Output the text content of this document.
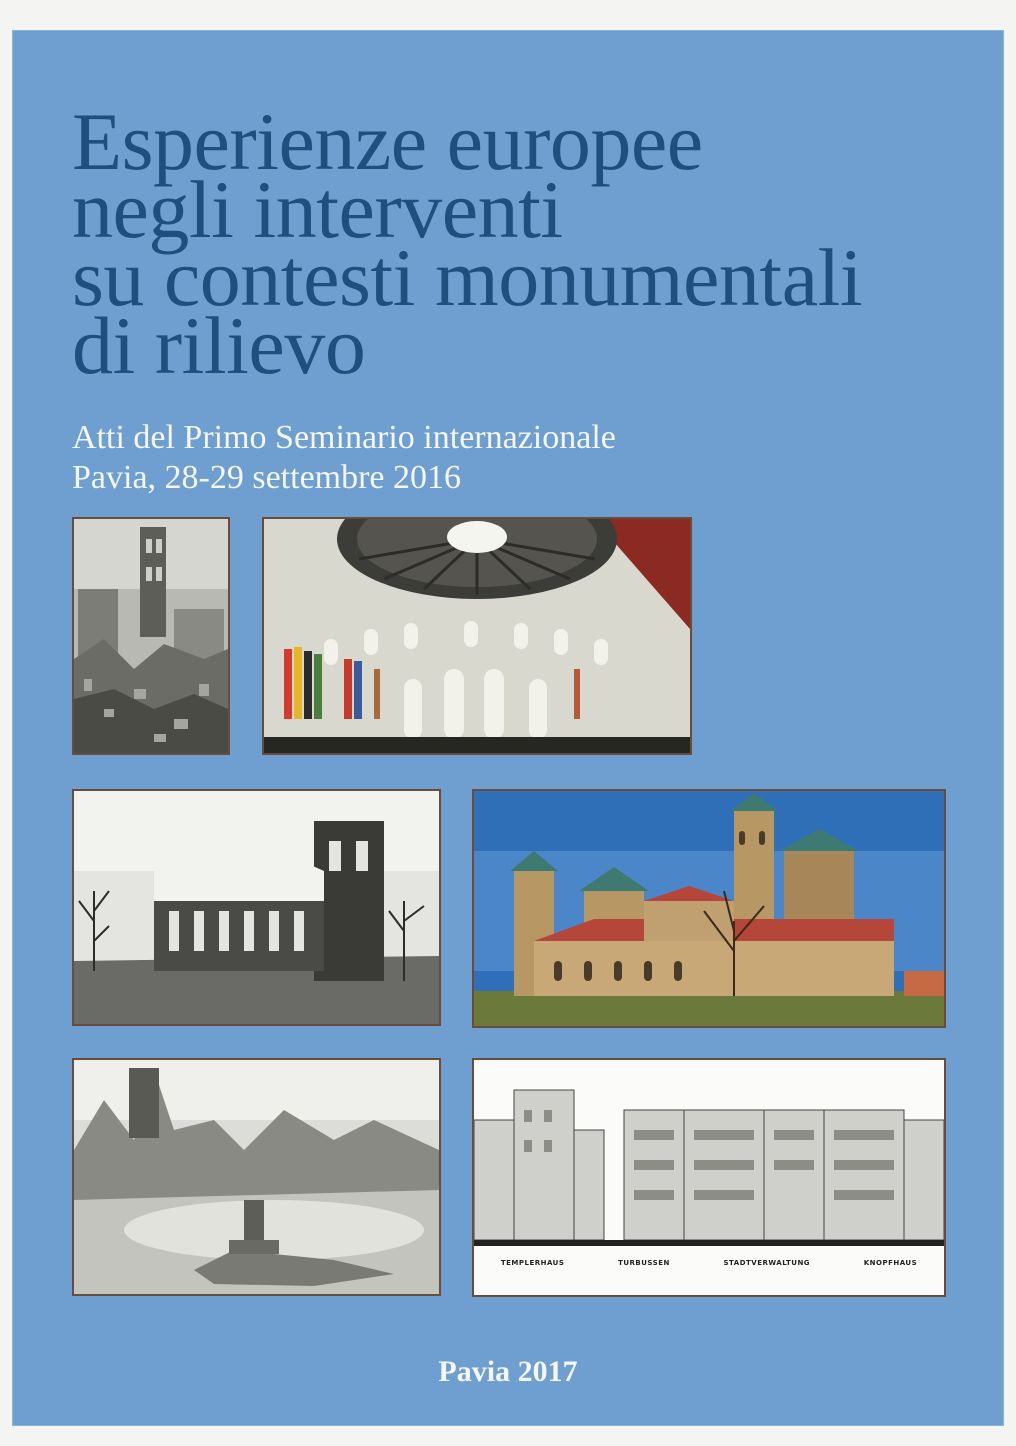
Esperienze europee
negli interventi
su contesti monumentali
di rilievo
Atti del Primo Seminario internazionale
Pavia, 28-29 settembre 2016
TEMPLERHAUS	TURBUSSEN	STADTVERWALTUNG	KNOPFHAUS
Pavia 2017
